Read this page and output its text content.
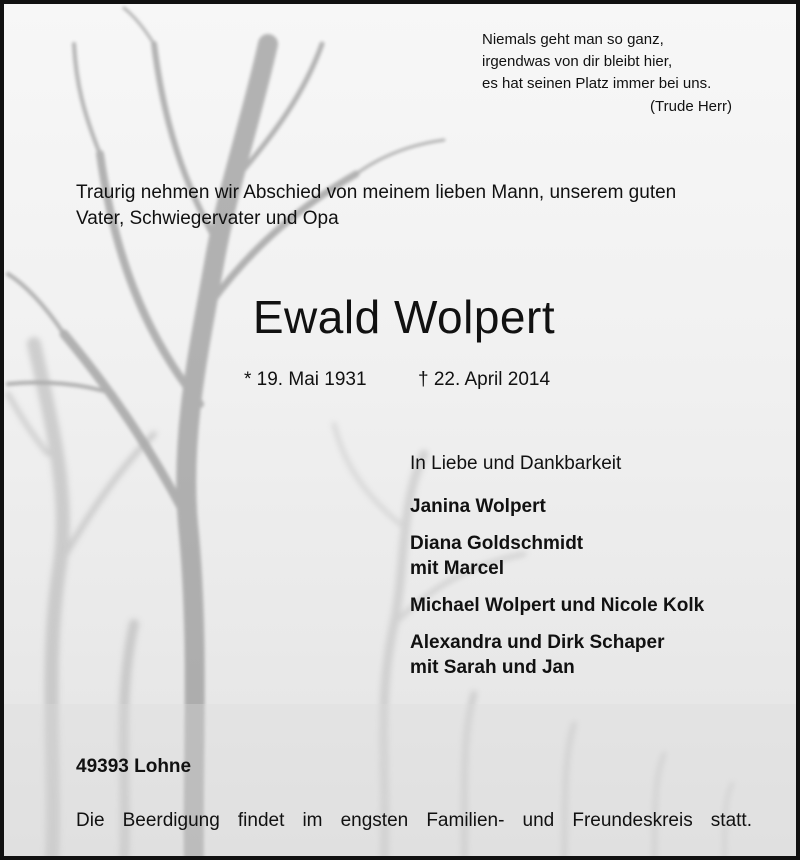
Niemals geht man so ganz,
irgendwas von dir bleibt hier,
es hat seinen Platz immer bei uns.
(Trude Herr)
Traurig nehmen wir Abschied von meinem lieben Mann, unserem guten
Vater, Schwiegervater und Opa
Ewald Wolpert
* 19. Mai 1931	† 22. April 2014
In Liebe und Dankbarkeit
Janina Wolpert
Diana Goldschmidt
mit Marcel
Michael Wolpert und Nicole Kolk
Alexandra und Dirk Schaper
mit Sarah und Jan
49393 Lohne
Die Beerdigung findet im engsten Familien- und Freundeskreis statt.
